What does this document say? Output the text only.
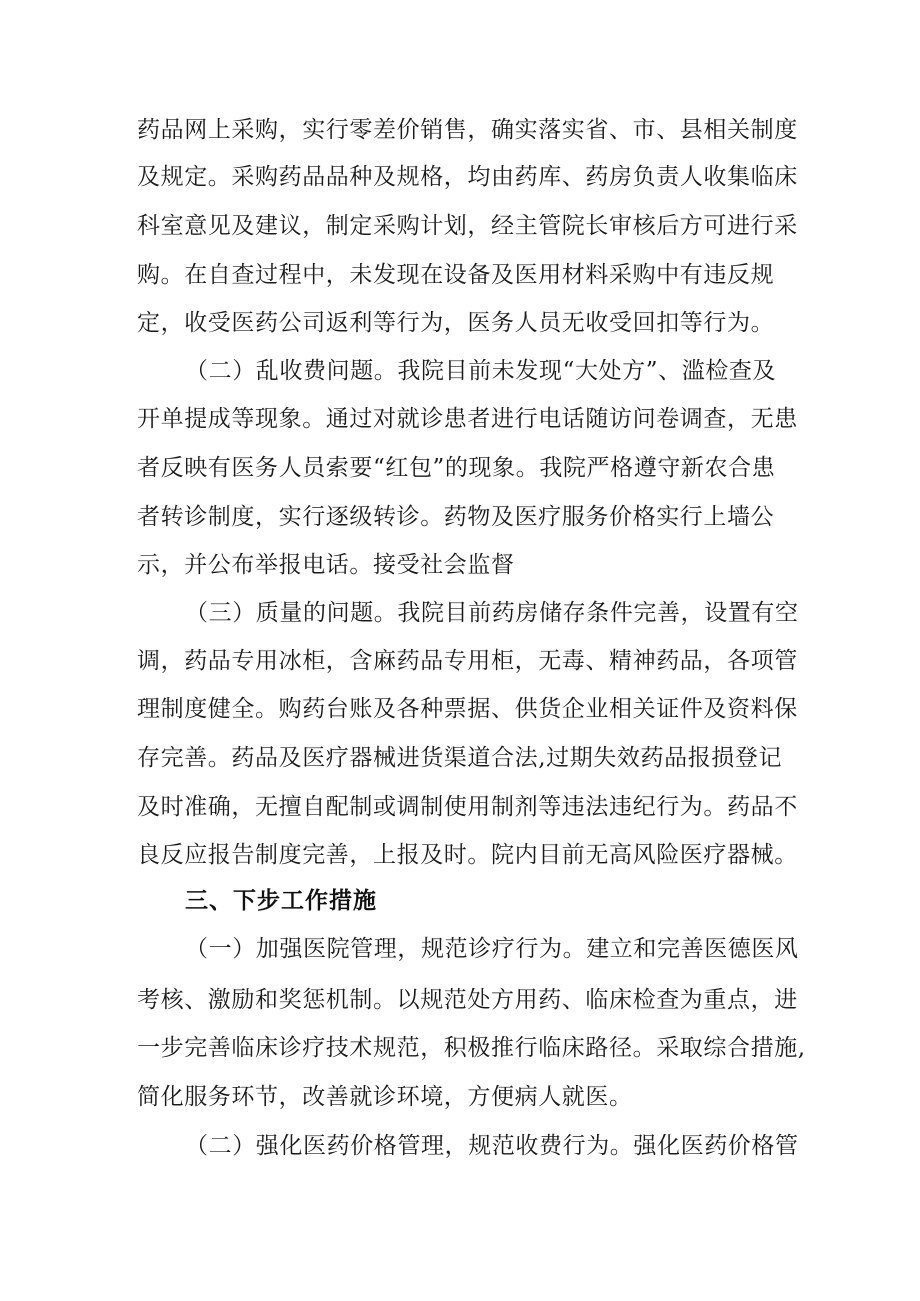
药品网上采购，实行零差价销售，确实落实省、市、县相关制度
及规定。采购药品品种及规格，均由药库、药房负责人收集临床
科室意见及建议，制定采购计划，经主管院长审核后方可进行采
购。在自查过程中，未发现在设备及医用材料采购中有违反规
定，收受医药公司返利等行为，医务人员无收受回扣等行为。
（二）乱收费问题。我院目前未发现“大处方”、滥检查及
开单提成等现象。通过对就诊患者进行电话随访问卷调查，无患
者反映有医务人员索要“红包”的现象。我院严格遵守新农合患
者转诊制度，实行逐级转诊。药物及医疗服务价格实行上墙公
示，并公布举报电话。接受社会监督
（三）质量的问题。我院目前药房储存条件完善，设置有空
调，药品专用冰柜，含麻药品专用柜，无毒、精神药品，各项管
理制度健全。购药台账及各种票据、供货企业相关证件及资料保
存完善。药品及医疗器械进货渠道合法,过期失效药品报损登记
及时准确，无擅自配制或调制使用制剂等违法违纪行为。药品不
良反应报告制度完善，上报及时。院内目前无高风险医疗器械。
三、下步工作措施
（一）加强医院管理，规范诊疗行为。建立和完善医德医风
考核、激励和奖惩机制。以规范处方用药、临床检查为重点，进
一步完善临床诊疗技术规范，积极推行临床路径。采取综合措施,
简化服务环节，改善就诊环境，方便病人就医。
（二）强化医药价格管理，规范收费行为。强化医药价格管
